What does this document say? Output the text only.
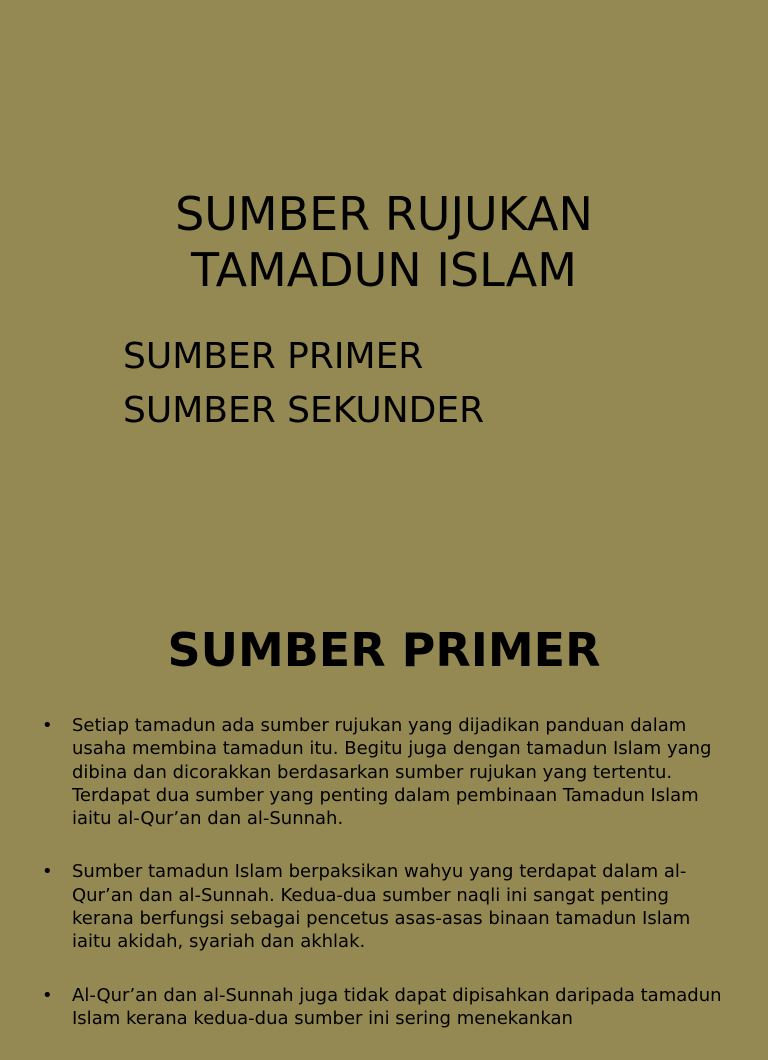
SUMBER RUJUKAN
TAMADUN ISLAM
SUMBER PRIMER
SUMBER SEKUNDER
SUMBER PRIMER
• Setiap tamadun ada sumber rujukan yang dijadikan panduan dalam usaha membina tamadun itu. Begitu juga dengan tamadun Islam yang dibina dan dicorakkan berdasarkan sumber rujukan yang tertentu. Terdapat dua sumber yang penting dalam pembinaan Tamadun Islam iaitu al-Qur’an dan al-Sunnah.
• Sumber tamadun Islam berpaksikan wahyu yang terdapat dalam al-Qur’an dan al-Sunnah. Kedua-dua sumber naqli ini sangat penting kerana berfungsi sebagai pencetus asas-asas binaan tamadun Islam iaitu akidah, syariah dan akhlak.
• Al-Qur’an dan al-Sunnah juga tidak dapat dipisahkan daripada tamadun Islam kerana kedua-dua sumber ini sering menekankan
